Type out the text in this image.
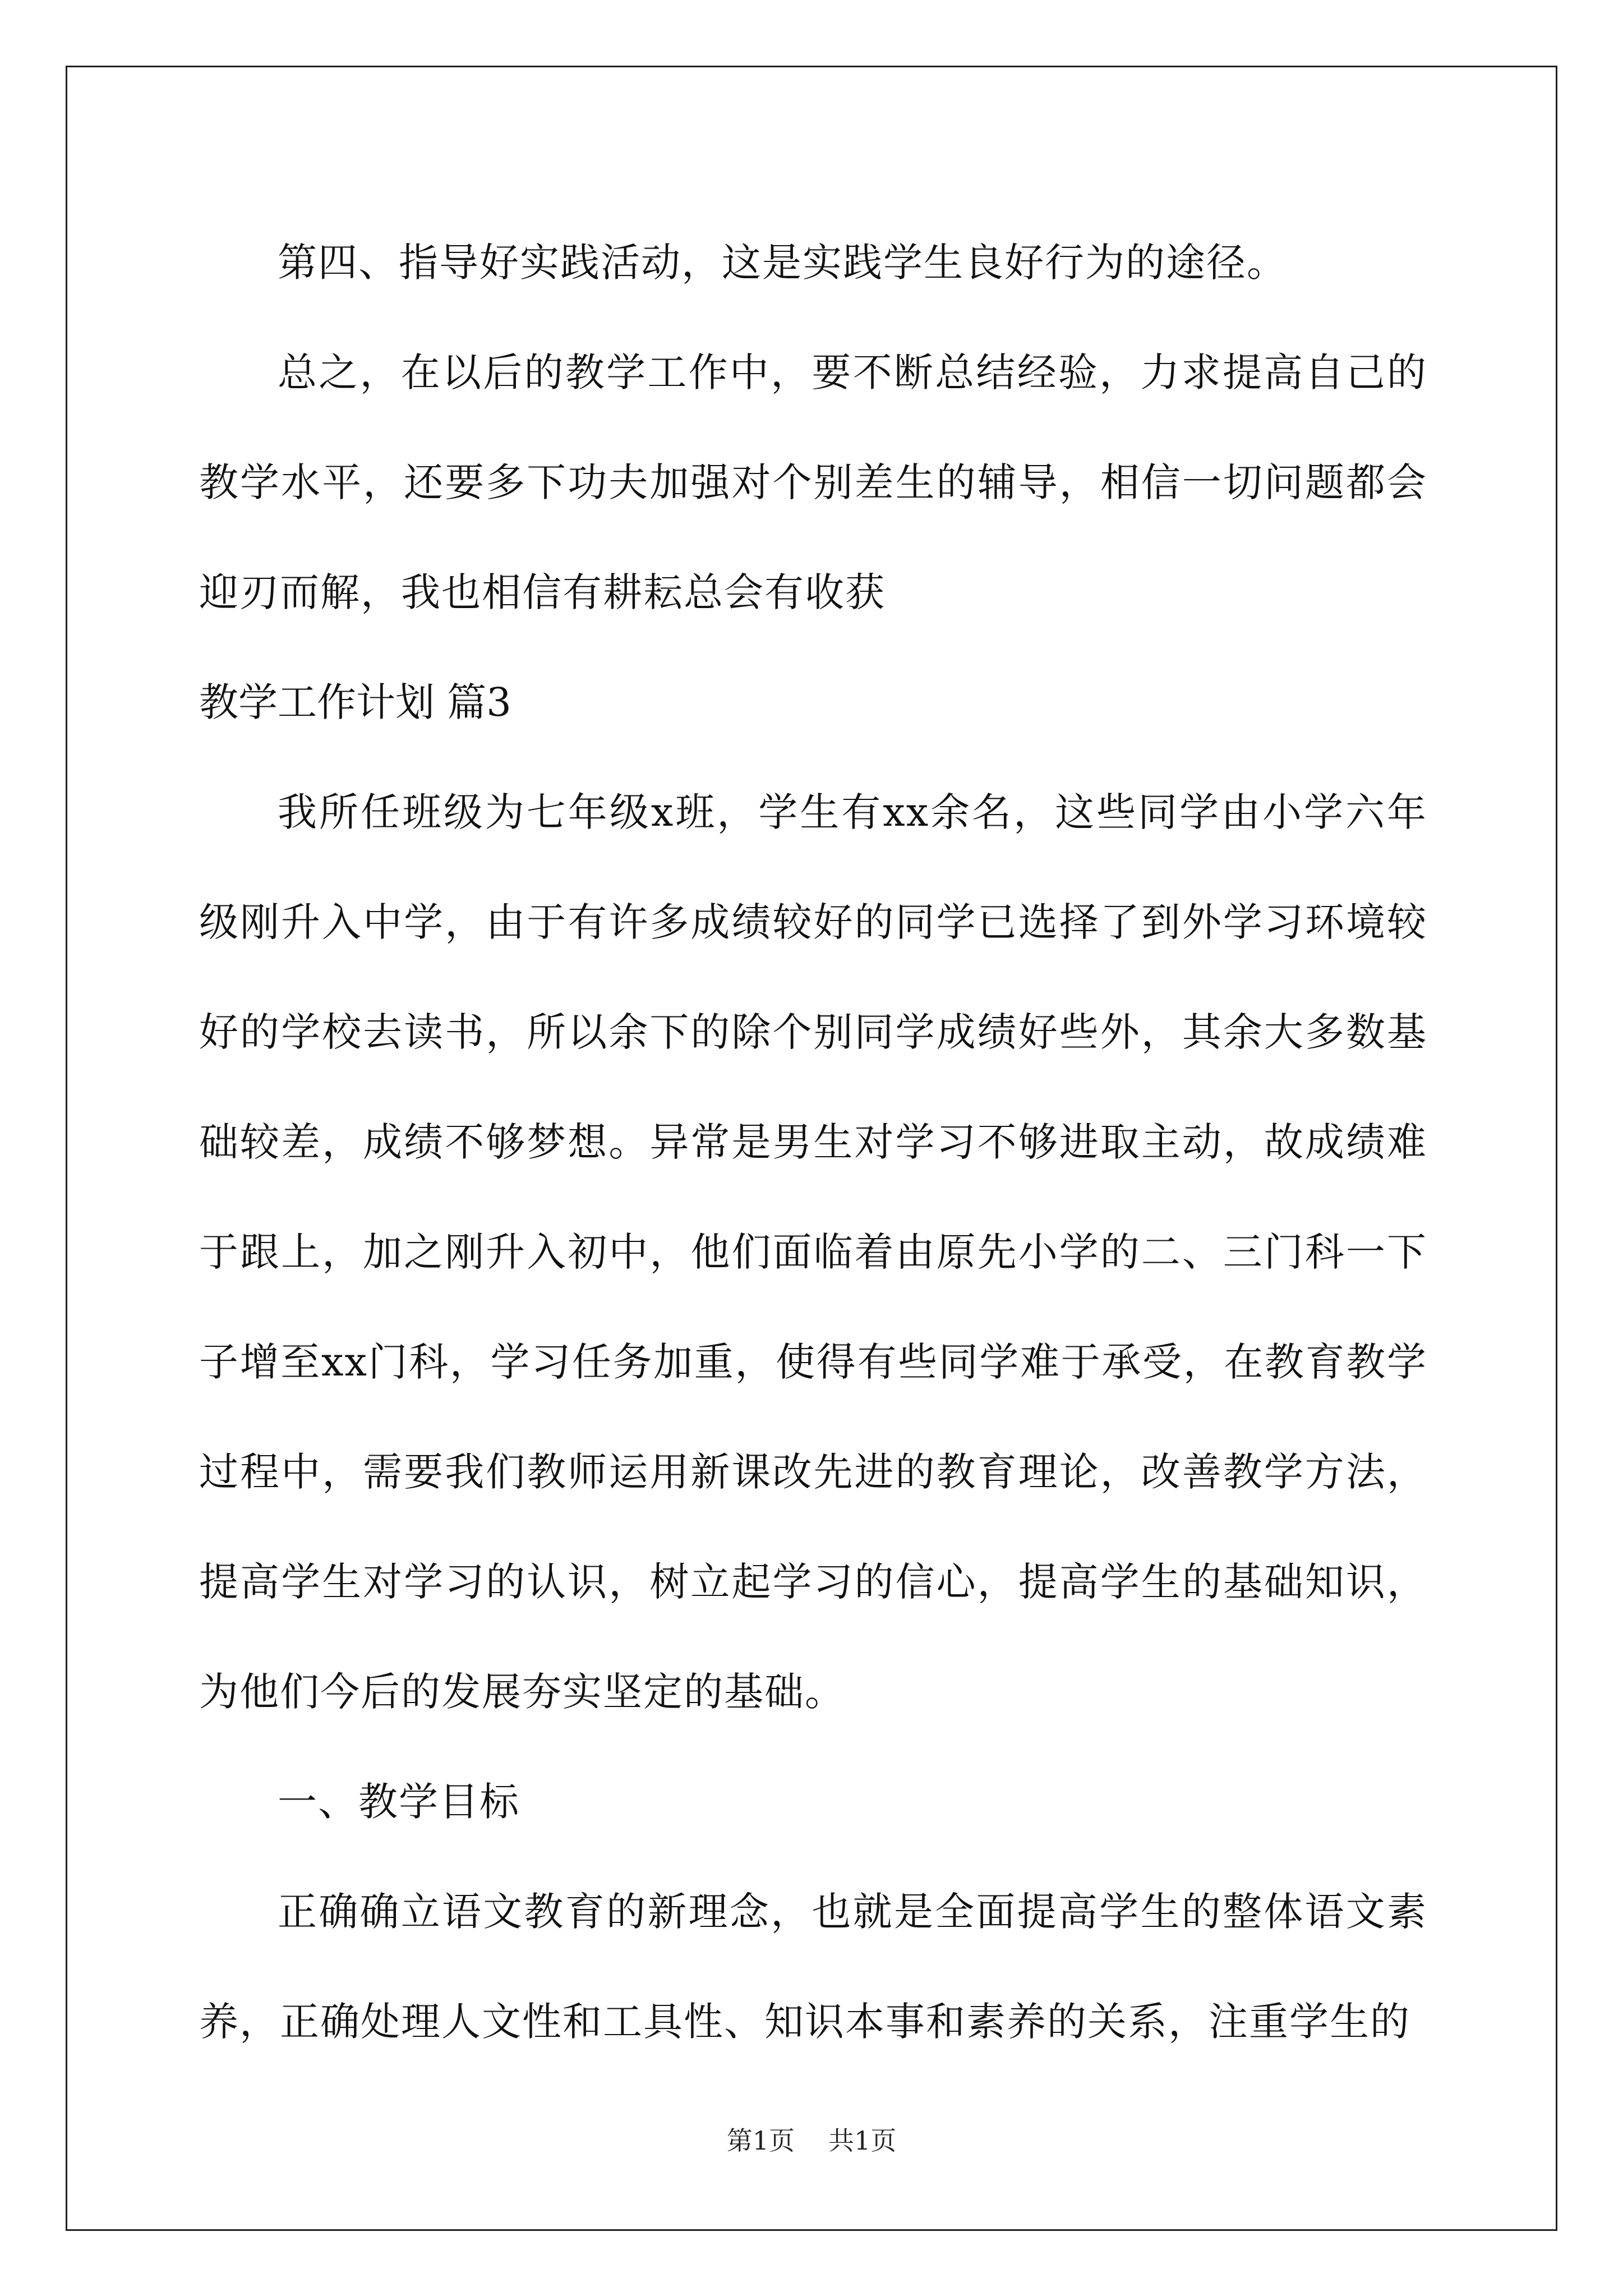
第四、指导好实践活动，这是实践学生良好行为的途径。

总之，在以后的教学工作中，要不断总结经验，力求提高自己的教学水平，还要多下功夫加强对个别差生的辅导，相信一切问题都会迎刃而解，我也相信有耕耘总会有收获

教学工作计划 篇3

我所任班级为七年级x班，学生有xx余名，这些同学由小学六年级刚升入中学，由于有许多成绩较好的同学已选择了到外学习环境较好的学校去读书，所以余下的除个别同学成绩好些外，其余大多数基础较差，成绩不够梦想。异常是男生对学习不够进取主动，故成绩难于跟上，加之刚升入初中，他们面临着由原先小学的二、三门科一下子增至xx门科，学习任务加重，使得有些同学难于承受，在教育教学过程中，需要我们教师运用新课改先进的教育理论，改善教学方法，提高学生对学习的认识，树立起学习的信心，提高学生的基础知识，为他们今后的发展夯实坚定的基础。

一、教学目标

正确确立语文教育的新理念，也就是全面提高学生的整体语文素养，正确处理人文性和工具性、知识本事和素养的关系，注重学生的

第1页 共1页
